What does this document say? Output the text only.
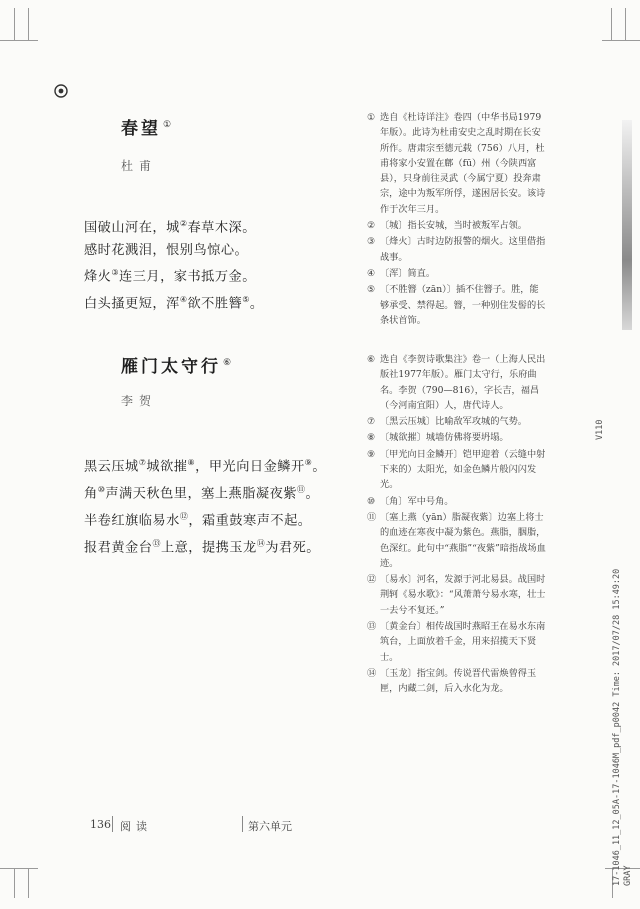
春望 ①
杜甫
国破山河在，城②春草木深。
感时花溅泪，恨别鸟惊心。
烽火③连三月，家书抵万金。
白头搔更短，浑④欲不胜簪⑤。
① 选自《杜诗详注》卷四（中华书局1979年版）。此诗为杜甫安史之乱时期在长安所作。唐肃宗至德元载（756）八月，杜甫将家小安置在鄜（fū）州（今陕西富县），只身前往灵武（今属宁夏）投奔肃宗，途中为叛军所俘，遂困居长安。该诗作于次年三月。
② 〔城〕指长安城，当时被叛军占领。
③ 〔烽火〕古时边防报警的烟火。这里借指战事。
④ 〔浑〕简直。
⑤ 〔不胜簪（zān）〕插不住簪子。胜，能够承受、禁得起。簪，一种别住发髻的长条状首饰。
雁门太守行 ⑥
李贺
黑云压城⑦城欲摧⑧，甲光向日金鳞开⑨。
角⑩声满天秋色里，塞上燕脂凝夜紫⑪。
半卷红旗临易水⑫，霜重鼓寒声不起。
报君黄金台⑬上意，提携玉龙⑭为君死。
⑥ 选自《李贺诗歌集注》卷一（上海人民出版社1977年版）。雁门太守行，乐府曲名。李贺（790—816），字长吉，福昌（今河南宜阳）人，唐代诗人。
⑦ 〔黑云压城〕比喻敌军攻城的气势。
⑧ 〔城欲摧〕城墙仿佛将要坍塌。
⑨ 〔甲光向日金鳞开〕铠甲迎着（云缝中射下来的）太阳光，如金色鳞片般闪闪发光。
⑩ 〔角〕军中号角。
⑪ 〔塞上燕（yān）脂凝夜紫〕边塞上将士的血迹在寒夜中凝为紫色。燕脂，胭脂，色深红。此句中“燕脂”“夜紫”暗指战场血迹。
⑫ 〔易水〕河名，发源于河北易县。战国时荆轲《易水歌》：“风萧萧兮易水寒，壮士一去兮不复还。”
⑬ 〔黄金台〕相传战国时燕昭王在易水东南筑台，上面放着千金，用来招揽天下贤士。
⑭ 〔玉龙〕指宝剑。传说晋代雷焕曾得玉匣，内藏二剑，后入水化为龙。
136 阅读	第六单元
V110
17-1046_11_12_05A-17-1046M_pdf_p0042 Time: 2017/07/28 15:49:20 GRAY
